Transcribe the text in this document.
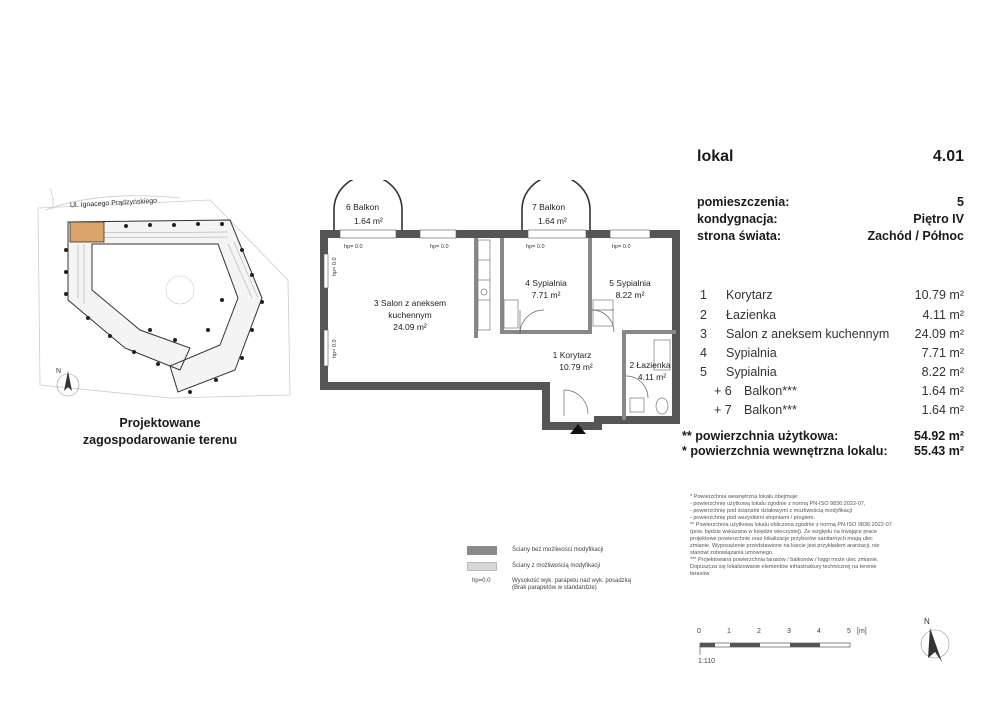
N
Ul. Ignacego Prądzyńskiego
Projektowane
zagospodarowanie terenu
hp= 0.0	hp= 0.0	hp= 0.0	hp= 0.0
hp= 0.0
hp= 0.0
6 Balkon
1.64 m²
7 Balkon
1.64 m²
3 Salon z aneksem
kuchennym
24.09 m²
4 Sypialnia
7.71 m²
5 Sypialnia
8.22 m²
1 Korytarz
10.79 m²	2 Łazienka
4.11 m²
lokal	4.01
pomieszczenia:	5
kondygnacja:	Piętro IV
strona świata:	Zachód / Północ
1	Korytarz	10.79 m²
2	Łazienka	4.11 m²
3	Salon z aneksem kuchennym 24.09 m²
4	Sypialnia	7.71 m²
5	Sypialnia	8.22 m²
+ 6 Balkon***	1.64 m²
+ 7 Balkon***	1.64 m²
** powierzchnia użytkowa:	54.92 m²
* powierzchnia wewnętrzna lokalu: 55.43 m²
* Powierzchnia wewnętrzna lokalu obejmuje:
- powierzchnię użytkową lokalu zgodnie z normą PN-ISO 9836:2022-07,
- powierzchnię pod ścianami działowymi z możliwością modyfikacji
- powierzchnię pod wszystkimi stopniami / progiem.
** Powierzchnia użytkowa lokalu obliczona zgodnie z normą PN-ISO 9836:2022-07
(pow. będzie wskazana w księdze wieczystej). Ze względu na trwające prace
projektowe powierzchnie oraz lokalizacje przyborów sanitarnych mogą ulec
zmianie. Wyposażenie przedstawione na karcie jest przykładem aranżacji, nie
stanowi zobowiązania umownego.
*** Projektowana powierzchnia tarasów / balkonów / loggi może ulec zmianie.
Dopuszcza się lokalizowanie elementów infrastruktury technicznej na terenie
tarasów.
Ściany bez możliwości modyfikacji
Ściany z możliwością modyfikacji
hp=0.0	Wysokość wyk. parapetu nad wyk. posadzką
(Brak parapetów w standardzie)
0	1	2	3	4	5 [m]
1:110
N
